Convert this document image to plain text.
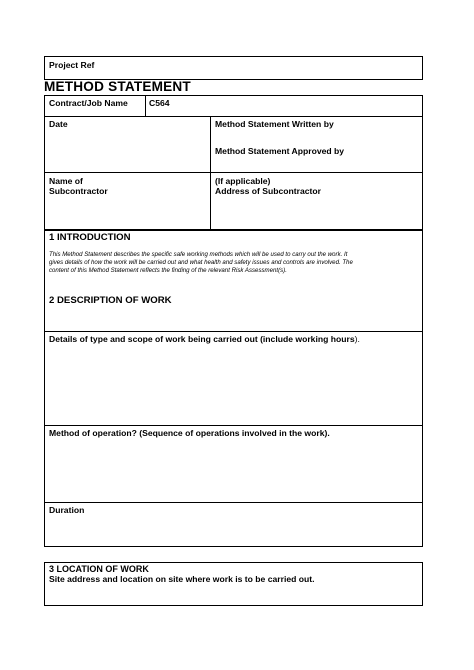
Project Ref
METHOD STATEMENT
Contract/Job Name C564
Date	Method Statement Written by
Method Statement Approved by
Name of
Subcontractor
(If applicable)
Address of Subcontractor
1 INTRODUCTION
This Method Statement describes the specific safe working methods which will be used to carry out the work. It
gives details of how the work will be carried out and what health and safety issues and controls are involved. The
content of this Method Statement reflects the finding of the relevant Risk Assessment(s).
2 DESCRIPTION OF WORK
Details of type and scope of work being carried out (include working hours).
Method of operation? (Sequence of operations involved in the work).
Duration
3 LOCATION OF WORK
Site address and location on site where work is to be carried out.
